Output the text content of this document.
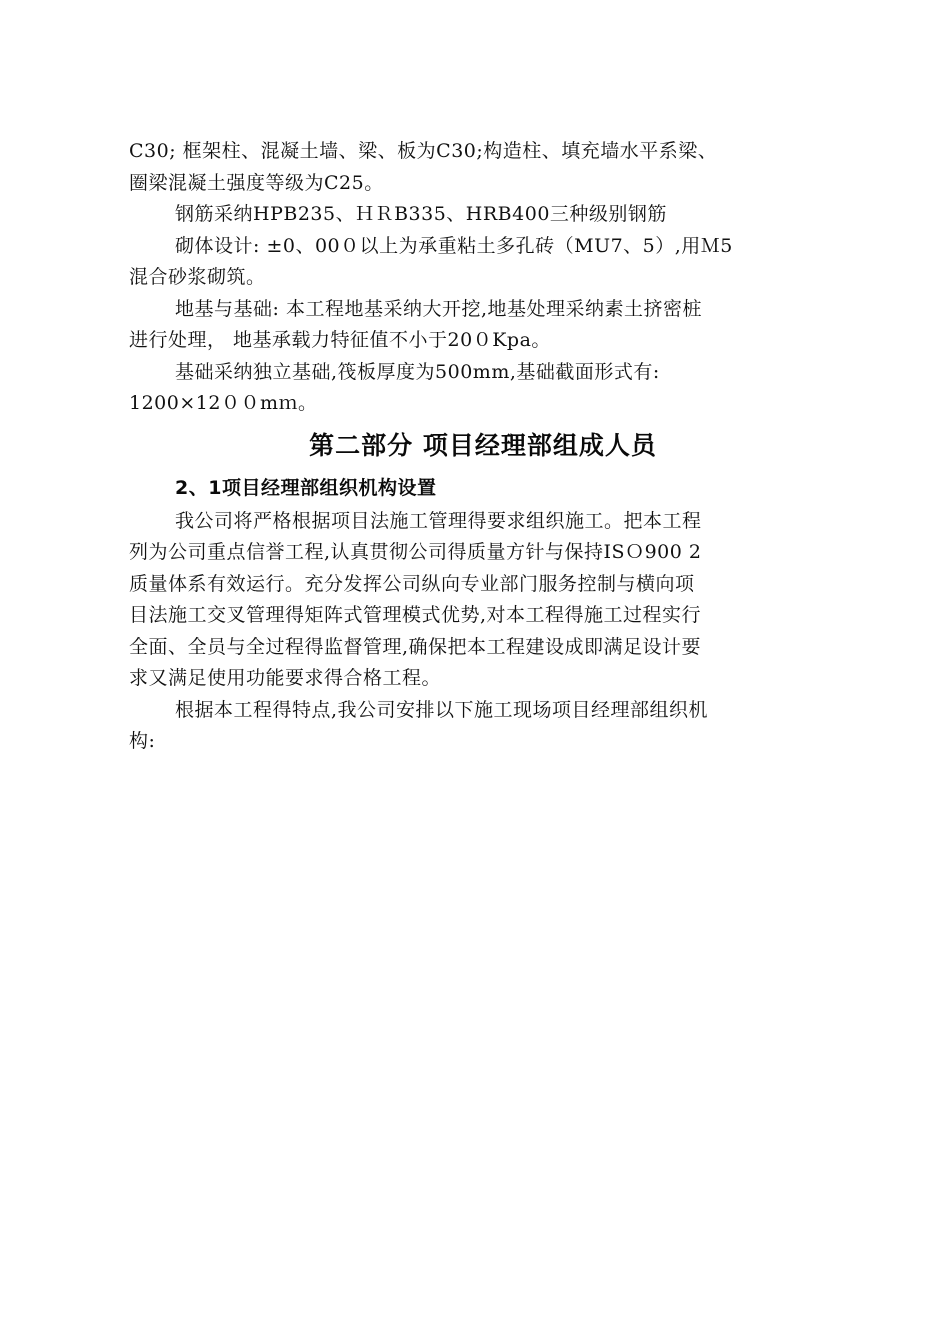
C30; 框架柱、混凝土墙、梁、板为C30;构造柱、填充墙水平系梁、
圈梁混凝土强度等级为C25。

钢筋采纳HPB235、ＨＲB335、HRB400三种级别钢筋

砌体设计: ±0、00０以上为承重粘土多孔砖（MU7、5）,用Ｍ5
混合砂浆砌筑。

地基与基础: 本工程地基采纳大开挖,地基处理采纳素土挤密桩
进行处理， 地基承载力特征值不小于20０Kpa。

基础采纳独立基础,筏板厚度为500mm,基础截面形式有:
1200×12００mｍ。

第二部分 项目经理部组成人员
2、1项目经理部组织机构设置

我公司将严格根据项目法施工管理得要求组织施工。把本工程
列为公司重点信誉工程,认真贯彻公司得质量方针与保持ISＯ900 2
质量体系有效运行。充分发挥公司纵向专业部门服务控制与横向项
目法施工交叉管理得矩阵式管理模式优势,对本工程得施工过程实行
全面、全员与全过程得监督管理,确保把本工程建设成即满足设计要
求又满足使用功能要求得合格工程。

根据本工程得特点,我公司安排以下施工现场项目经理部组织机
构:
